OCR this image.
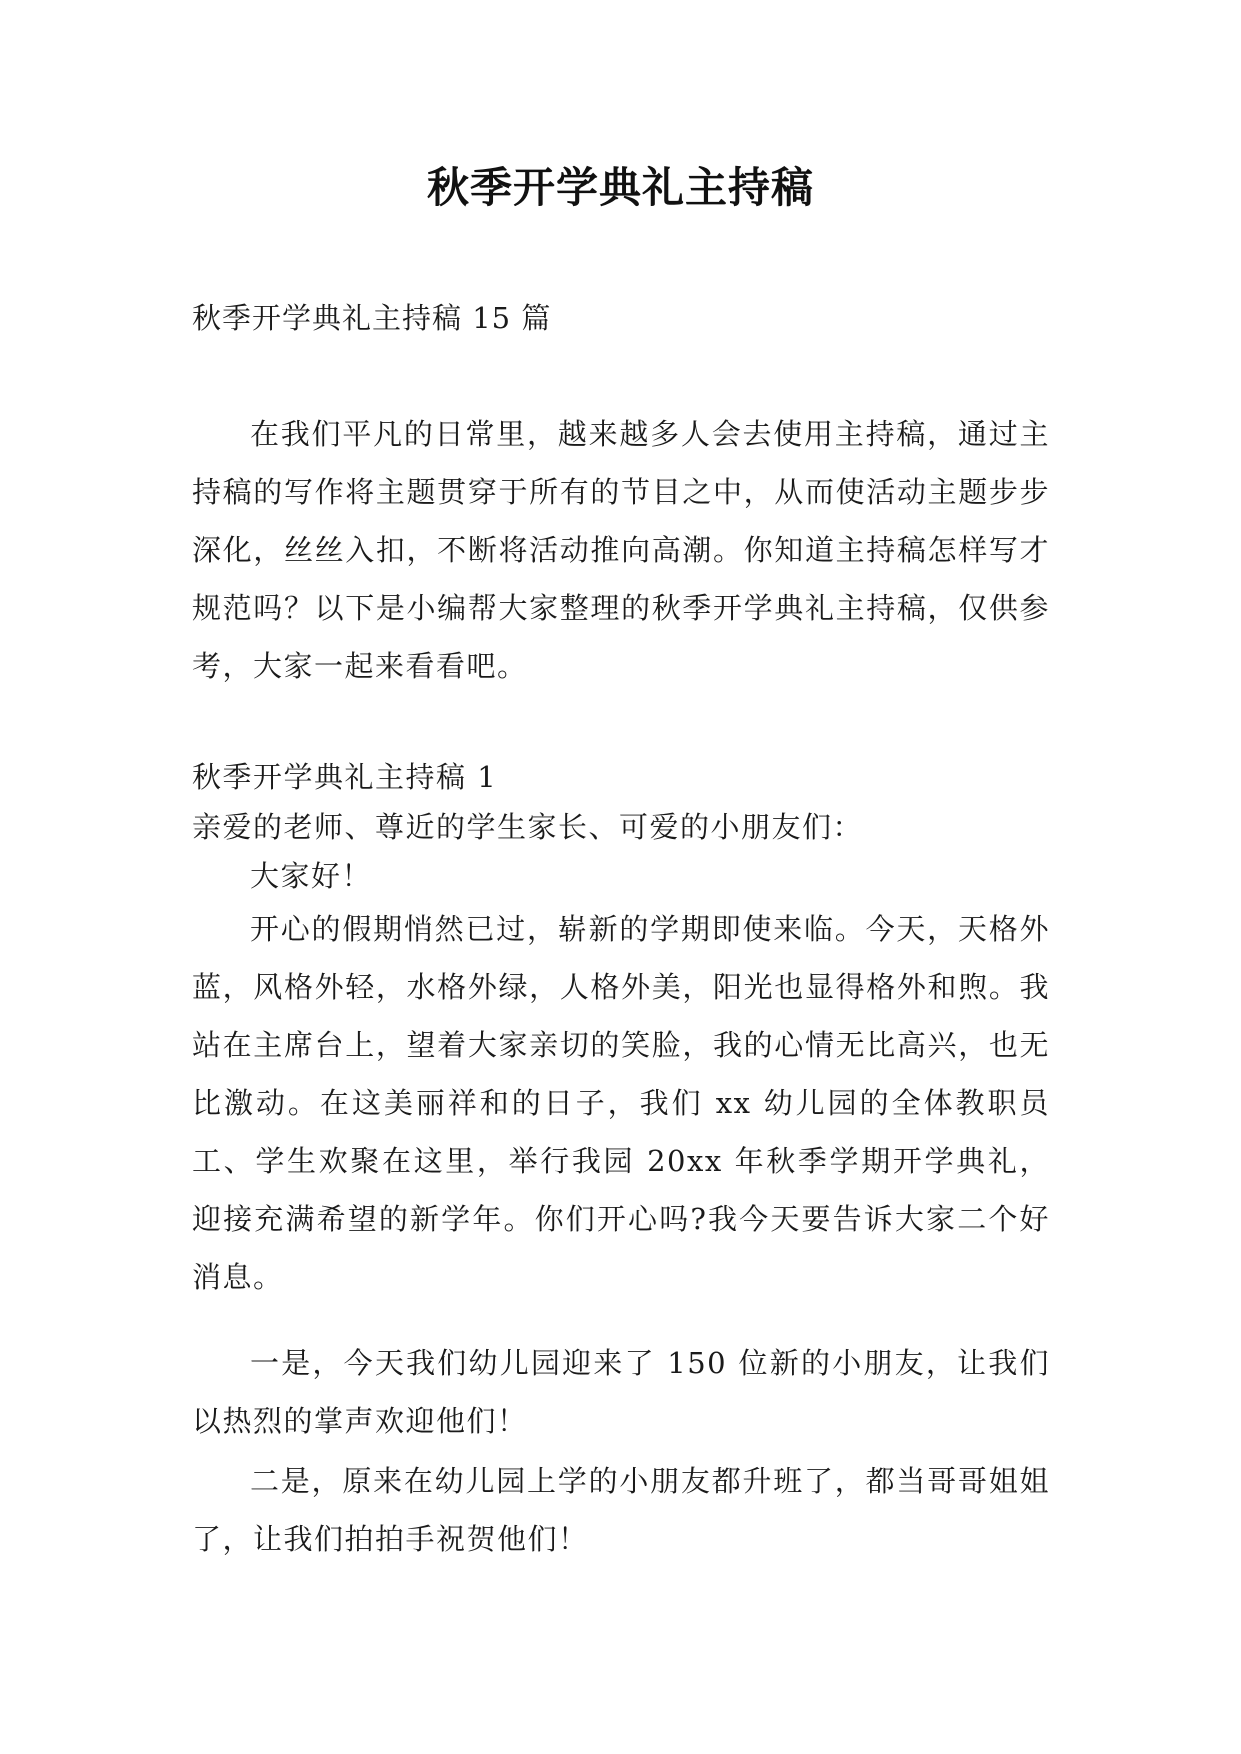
秋季开学典礼主持稿
秋季开学典礼主持稿 15 篇

在我们平凡的日常里，越来越多人会去使用主持稿，通过主持稿的写作将主题贯穿于所有的节目之中，从而使活动主题步步深化，丝丝入扣，不断将活动推向高潮。你知道主持稿怎样写才规范吗？以下是小编帮大家整理的秋季开学典礼主持稿，仅供参考，大家一起来看看吧。

秋季开学典礼主持稿 1

亲爱的老师、尊近的学生家长、可爱的小朋友们：

大家好！

开心的假期悄然已过，崭新的学期即使来临。今天，天格外蓝，风格外轻，水格外绿，人格外美，阳光也显得格外和煦。我站在主席台上，望着大家亲切的笑脸，我的心情无比高兴，也无比激动。在这美丽祥和的日子，我们 xx 幼儿园的全体教职员工、学生欢聚在这里，举行我园 20xx 年秋季学期开学典礼，迎接充满希望的新学年。你们开心吗?我今天要告诉大家二个好消息。

一是，今天我们幼儿园迎来了 150 位新的小朋友，让我们以热烈的掌声欢迎他们！

二是，原来在幼儿园上学的小朋友都升班了，都当哥哥姐姐了，让我们拍拍手祝贺他们！
